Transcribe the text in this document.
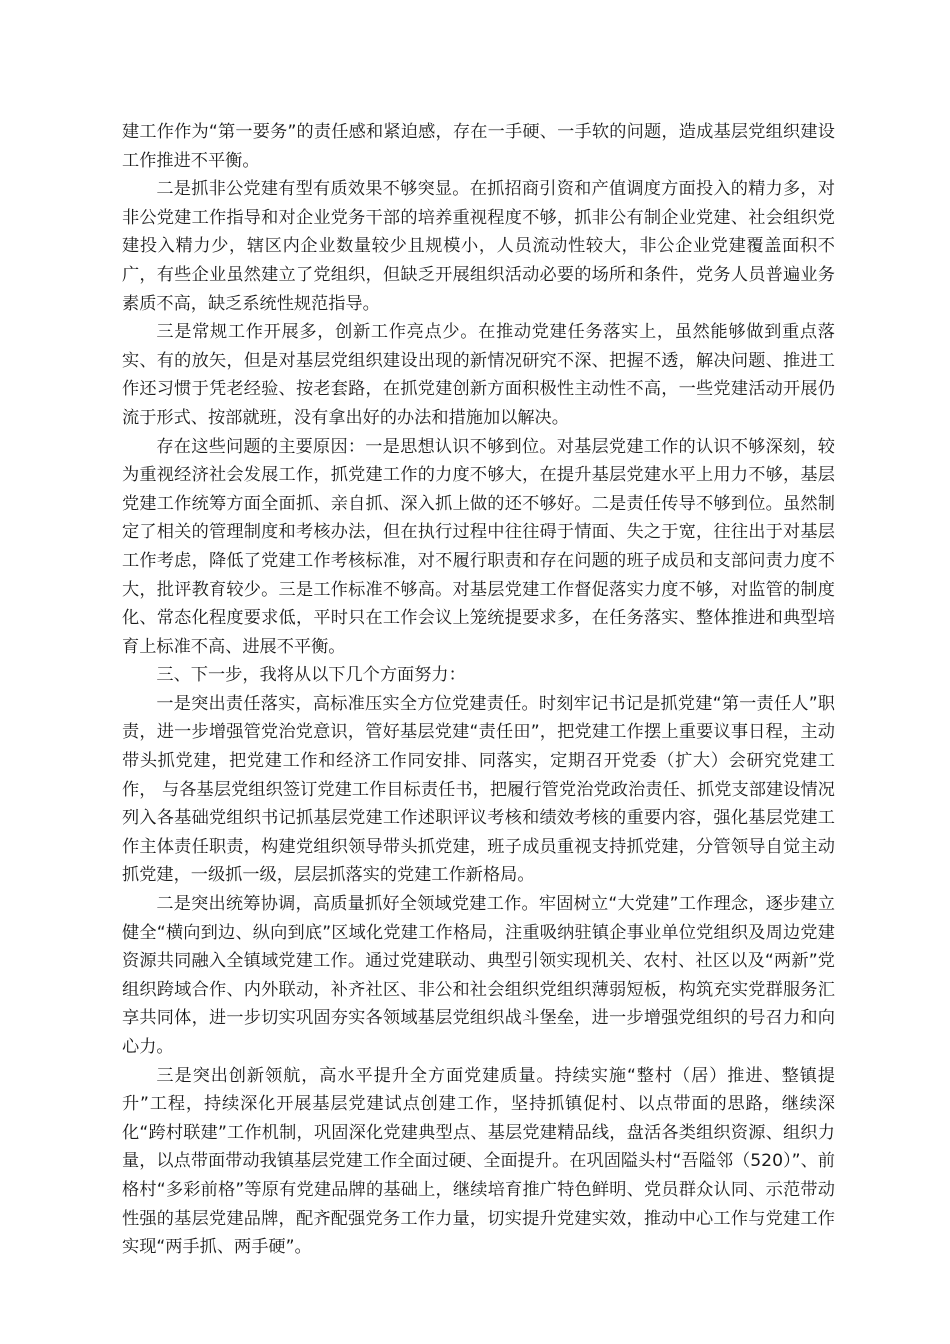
建工作作为“第一要务”的责任感和紧迫感，存在一手硬、一手软的问题，造成基层党组织建设工作推进不平衡。

二是抓非公党建有型有质效果不够突显。在抓招商引资和产值调度方面投入的精力多，对非公党建工作指导和对企业党务干部的培养重视程度不够，抓非公有制企业党建、社会组织党建投入精力少，辖区内企业数量较少且规模小，人员流动性较大，非公企业党建覆盖面积不广，有些企业虽然建立了党组织，但缺乏开展组织活动必要的场所和条件，党务人员普遍业务素质不高，缺乏系统性规范指导。

三是常规工作开展多，创新工作亮点少。在推动党建任务落实上，虽然能够做到重点落实、有的放矢，但是对基层党组织建设出现的新情况研究不深、把握不透，解决问题、推进工作还习惯于凭老经验、按老套路，在抓党建创新方面积极性主动性不高，一些党建活动开展仍流于形式、按部就班，没有拿出好的办法和措施加以解决。

存在这些问题的主要原因：一是思想认识不够到位。对基层党建工作的认识不够深刻，较为重视经济社会发展工作，抓党建工作的力度不够大，在提升基层党建水平上用力不够，基层党建工作统筹方面全面抓、亲自抓、深入抓上做的还不够好。二是责任传导不够到位。虽然制定了相关的管理制度和考核办法，但在执行过程中往往碍于情面、失之于宽，往往出于对基层工作考虑，降低了党建工作考核标准，对不履行职责和存在问题的班子成员和支部问责力度不大，批评教育较少。三是工作标准不够高。对基层党建工作督促落实力度不够，对监管的制度化、常态化程度要求低，平时只在工作会议上笼统提要求多，在任务落实、整体推进和典型培育上标准不高、进展不平衡。

三、下一步，我将从以下几个方面努力：

一是突出责任落实，高标准压实全方位党建责任。时刻牢记书记是抓党建“第一责任人”职责，进一步增强管党治党意识，管好基层党建“责任田”，把党建工作摆上重要议事日程，主动带头抓党建，把党建工作和经济工作同安排、同落实，定期召开党委（扩大）会研究党建工作， 与各基层党组织签订党建工作目标责任书，把履行管党治党政治责任、抓党支部建设情况列入各基础党组织书记抓基层党建工作述职评议考核和绩效考核的重要内容，强化基层党建工作主体责任职责，构建党组织领导带头抓党建，班子成员重视支持抓党建，分管领导自觉主动抓党建，一级抓一级，层层抓落实的党建工作新格局。

二是突出统筹协调，高质量抓好全领域党建工作。牢固树立“大党建”工作理念，逐步建立健全“横向到边、纵向到底”区域化党建工作格局，注重吸纳驻镇企事业单位党组织及周边党建资源共同融入全镇域党建工作。通过党建联动、典型引领实现机关、农村、社区以及“两新”党组织跨域合作、内外联动，补齐社区、非公和社会组织党组织薄弱短板，构筑充实党群服务汇享共同体，进一步切实巩固夯实各领域基层党组织战斗堡垒，进一步增强党组织的号召力和向心力。

三是突出创新领航，高水平提升全方面党建质量。持续实施“整村（居）推进、整镇提升”工程，持续深化开展基层党建试点创建工作，坚持抓镇促村、以点带面的思路，继续深化“跨村联建”工作机制，巩固深化党建典型点、基层党建精品线，盘活各类组织资源、组织力量，以点带面带动我镇基层党建工作全面过硬、全面提升。在巩固隘头村“吾隘邻（520）”、前格村“多彩前格”等原有党建品牌的基础上，继续培育推广特色鲜明、党员群众认同、示范带动性强的基层党建品牌，配齐配强党务工作力量，切实提升党建实效，推动中心工作与党建工作实现“两手抓、两手硬”。
